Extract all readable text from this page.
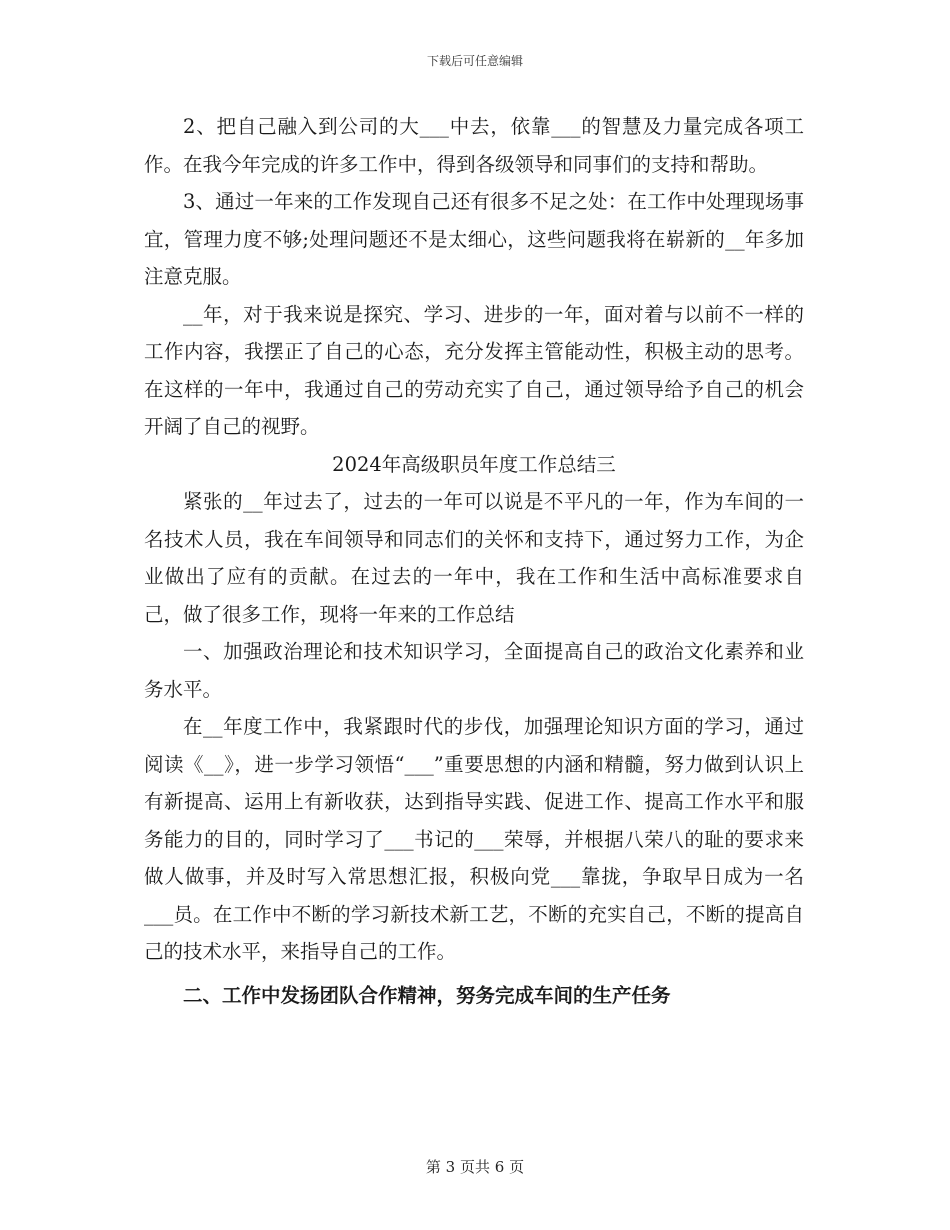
下载后可任意编辑

2、把自己融入到公司的大___中去，依靠___的智慧及力量完成各项工作。在我今年完成的许多工作中，得到各级领导和同事们的支持和帮助。

3、通过一年来的工作发现自己还有很多不足之处：在工作中处理现场事宜，管理力度不够;处理问题还不是太细心，这些问题我将在崭新的__年多加注意克服。

__年，对于我来说是探究、学习、进步的一年，面对着与以前不一样的工作内容，我摆正了自己的心态，充分发挥主管能动性，积极主动的思考。在这样的一年中，我通过自己的劳动充实了自己，通过领导给予自己的机会开阔了自己的视野。

2024年高级职员年度工作总结三

紧张的__年过去了，过去的一年可以说是不平凡的一年，作为车间的一名技术人员，我在车间领导和同志们的关怀和支持下，通过努力工作，为企业做出了应有的贡献。在过去的一年中，我在工作和生活中高标准要求自己，做了很多工作，现将一年来的工作总结

一、加强政治理论和技术知识学习，全面提高自己的政治文化素养和业务水平。

在__年度工作中，我紧跟时代的步伐，加强理论知识方面的学习，通过阅读《__》，进一步学习领悟“___”重要思想的内涵和精髓，努力做到认识上有新提高、运用上有新收获，达到指导实践、促进工作、提高工作水平和服务能力的目的，同时学习了___书记的___荣辱，并根据八荣八的耻的要求来做人做事，并及时写入常思想汇报，积极向党___靠拢，争取早日成为一名___员。在工作中不断的学习新技术新工艺，不断的充实自己，不断的提高自己的技术水平，来指导自己的工作。

二、工作中发扬团队合作精神，努务完成车间的生产任务

第 3 页共 6 页
